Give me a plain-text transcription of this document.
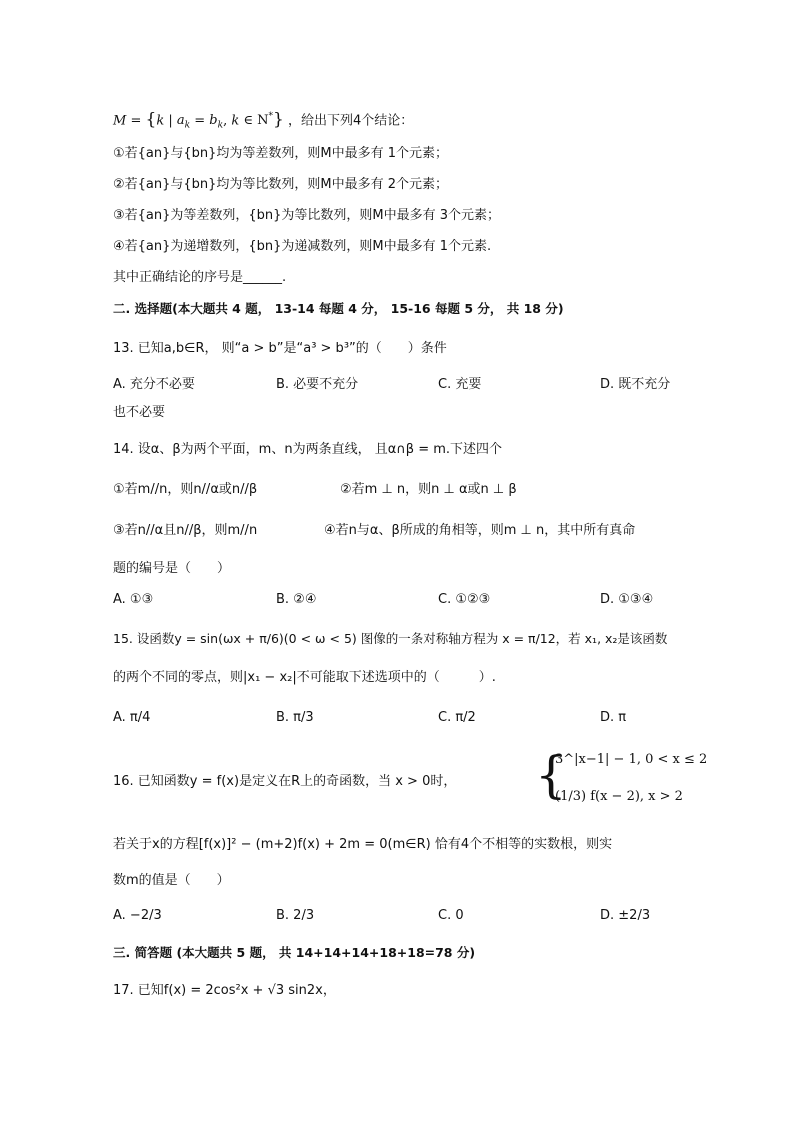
M = {k | $a_k = b_k$, k ∈ N*} ，给出下列4个结论：
①若{an}与{bn}均为等差数列，则M中最多有 1个元素；
②若{an}与{bn}均为等比数列，则M中最多有 2个元素；
③若{an}为等差数列，{bn}为等比数列，则M中最多有 3个元素；
④若{an}为递增数列，{bn}为递减数列，则M中最多有 1个元素.
其中正确结论的序号是______.
二. 选择题(本大题共 4 题， 13-14 每题 4 分， 15-16 每题 5 分， 共 18 分)
13. 已知a,b∈R， 则“a > b”是“a³ > b³”的（　　）条件
A. 充分不必要	B. 必要不充分	C. 充要	D. 既不充分
也不必要
14. 设α、β为两个平面，m、n为两条直线， 且α∩β = m.下述四个
①若m//n，则n//α或n//β	②若m ⊥ n，则n ⊥ α或n ⊥ β
③若n//α且n//β，则m//n	④若n与α、β所成的角相等，则m ⊥ n，其中所有真命
题的编号是（　　）
A. ①③	B. ②④	C. ①②③	D. ①③④
15. 设函数y = sin(ωx + π/6)(0 < ω < 5) 图像的一条对称轴方程为 x = π/12，若 x₁, x₂是该函数
的两个不同的零点，则|x₁ − x₂|不可能取下述选项中的（　　　）.
A. π/4	B. π/3	C. π/2	D. π
16. 已知函数y = f(x)是定义在R上的奇函数，当 x > 0时， {
3^|x−1| − 1, 0 < x ≤ 2
(1/3) f(x − 2), x > 2
若关于x的方程[f(x)]² − (m+2)f(x) + 2m = 0(m∈R) 恰有4个不相等的实数根，则实
数m的值是（　　）
A. −2/3	B. 2/3	C. 0	D. ±2/3
三. 简答题 (本大题共 5 题， 共 14+14+14+18+18=78 分)
17. 已知f(x) = 2cos²x + √3 sin2x，
